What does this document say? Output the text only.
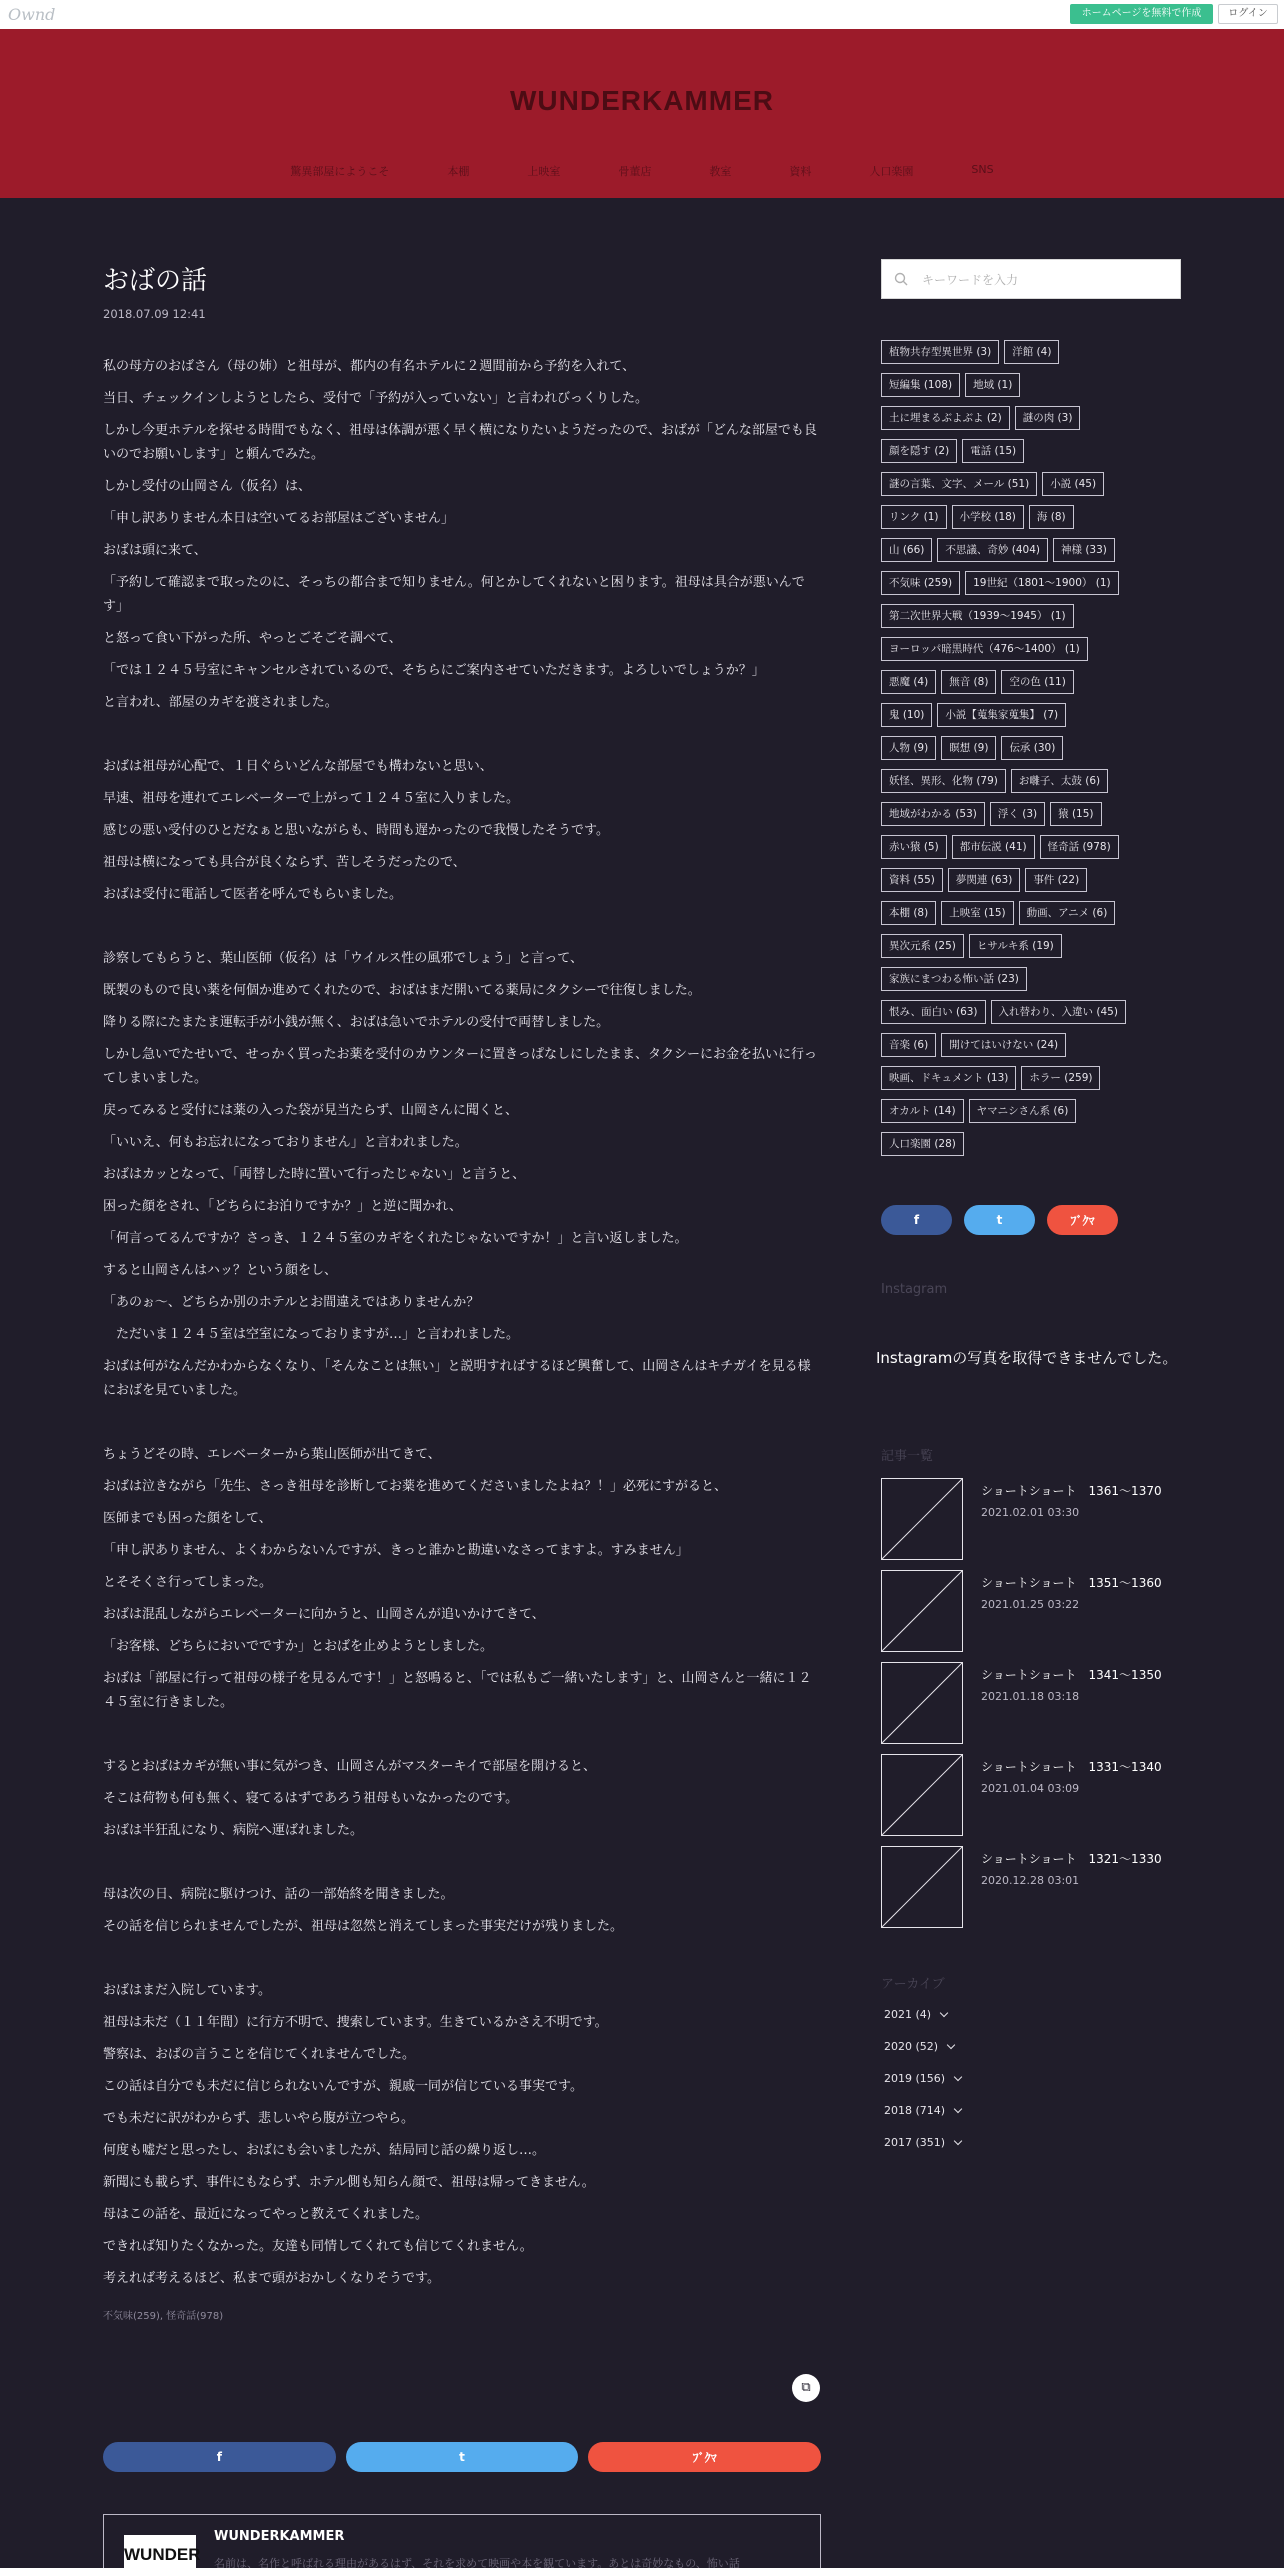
Ownd	ホームページを無料で作成	ログイン
WUNDERKAMMER
驚異部屋にようこそ	本棚	上映室	骨董店	教室	資料	人口楽園	SNS
おばの話
2018.07.09 12:41

私の母方のおばさん（母の姉）と祖母が、都内の有名ホテルに２週間前から予約を入れて、

当日、チェックインしようとしたら、受付で「予約が入っていない」と言われびっくりした。

しかし今更ホテルを探せる時間でもなく、祖母は体調が悪く早く横になりたいようだったので、おばが「どんな部屋でも良いのでお願いします」と頼んでみた。

しかし受付の山岡さん（仮名）は、

「申し訳ありません本日は空いてるお部屋はございません」

おばは頭に来て、

「予約して確認まで取ったのに、そっちの都合まで知りません。何とかしてくれないと困ります。祖母は具合が悪いんです」

と怒って食い下がった所、やっとごそごそ調べて、

「では１２４５号室にキャンセルされているので、そちらにご案内させていただきます。よろしいでしょうか？」

と言われ、部屋のカギを渡されました。

おばは祖母が心配で、１日ぐらいどんな部屋でも構わないと思い、

早速、祖母を連れてエレベーターで上がって１２４５室に入りました。

感じの悪い受付のひとだなぁと思いながらも、時間も遅かったので我慢したそうです。

祖母は横になっても具合が良くならず、苦しそうだったので、

おばは受付に電話して医者を呼んでもらいました。

診察してもらうと、葉山医師（仮名）は「ウイルス性の風邪でしょう」と言って、

既製のもので良い薬を何個か進めてくれたので、おばはまだ開いてる薬局にタクシーで往復しました。

降りる際にたまたま運転手が小銭が無く、おばは急いでホテルの受付で両替しました。

しかし急いでたせいで、せっかく買ったお薬を受付のカウンターに置きっぱなしにしたまま、タクシーにお金を払いに行ってしまいました。

戻ってみると受付には薬の入った袋が見当たらず、山岡さんに聞くと、

「いいえ、何もお忘れになっておりません」と言われました。

おばはカッとなって、「両替した時に置いて行ったじゃない」と言うと、

困った顔をされ、「どちらにお泊りですか？」と逆に聞かれ、

「何言ってるんですか？さっき、１２４５室のカギをくれたじゃないですか！」と言い返しました。

すると山岡さんはハッ？という顔をし、

「あのぉ～、どちらか別のホテルとお間違えではありませんか？

　ただいま１２４５室は空室になっておりますが…」と言われました。

おばは何がなんだかわからなくなり、「そんなことは無い」と説明すればするほど興奮して、山岡さんはキチガイを見る様におばを見ていました。

ちょうどその時、エレベーターから葉山医師が出てきて、

おばは泣きながら「先生、さっき祖母を診断してお薬を進めてくださいましたよね？！」必死にすがると、

医師までも困った顔をして、

「申し訳ありません、よくわからないんですが、きっと誰かと勘違いなさってますよ。すみません」

とそそくさ行ってしまった。

おばは混乱しながらエレベーターに向かうと、山岡さんが追いかけてきて、

「お客様、どちらにおいでですか」とおばを止めようとしました。

おばは「部屋に行って祖母の様子を見るんです！」と怒鳴ると、「では私もご一緒いたします」と、山岡さんと一緒に１２４５室に行きました。

するとおばはカギが無い事に気がつき、山岡さんがマスターキイで部屋を開けると、

そこは荷物も何も無く、寝てるはずであろう祖母もいなかったのです。

おばは半狂乱になり、病院へ運ばれました。

母は次の日、病院に駆けつけ、話の一部始終を聞きました。

その話を信じられませんでしたが、祖母は忽然と消えてしまった事実だけが残りました。

おばはまだ入院しています。

祖母は未だ（１１年間）に行方不明で、捜索しています。生きているかさえ不明です。

警察は、おばの言うことを信じてくれませんでした。

この話は自分でも未だに信じられないんですが、親戚一同が信じている事実です。

でも未だに訳がわからず、悲しいやら腹が立つやら。

何度も嘘だと思ったし、おばにも会いましたが、結局同じ話の繰り返し…。

新聞にも載らず、事件にもならず、ホテル側も知らん顔で、祖母は帰ってきません。

母はこの話を、最近になってやっと教えてくれました。

できれば知りたくなかった。友達も同情してくれても信じてくれません。

考えれば考えるほど、私まで頭がおかしくなりそうです。

不気味(259), 怪奇話(978)
⧉
f	t	ﾌﾞｸﾏ
WUNDER
WUNDERKAMMER
名前は、名作と呼ばれる理由があるはず、それを求めて映画や本を観ています。あとは奇妙なもの、怖い話
キーワードを入力
植物共存型異世界 (3)	洋館 (4)
短編集 (108)	地域 (1)
土に埋まるぶよぶよ (2)	謎の肉 (3)
顔を隠す (2)	電話 (15)
謎の言葉、文字、メール (51)	小説 (45)
リンク (1)	小学校 (18)	海 (8)
山 (66)	不思議、奇妙 (404)	神様 (33)
不気味 (259)	19世紀（1801～1900） (1)
第二次世界大戦（1939～1945） (1)
ヨーロッパ暗黒時代（476～1400） (1)
悪魔 (4)	無音 (8)	空の色 (11)
鬼 (10)	小説【蒐集家蒐集】 (7)
人物 (9)	瞑想 (9)	伝承 (30)
妖怪、異形、化物 (79)	お囃子、太鼓 (6)
地域がわかる (53)	浮く (3)	猿 (15)
赤い猿 (5)	都市伝説 (41)	怪奇話 (978)
資料 (55)	夢関連 (63)	事件 (22)
本棚 (8)	上映室 (15)	動画、アニメ (6)
異次元系 (25)	ヒサルキ系 (19)
家族にまつわる怖い話 (23)
恨み、面白い (63)	入れ替わり、入違い (45)
音楽 (6)	開けてはいけない (24)
映画、ドキュメント (13)	ホラー (259)
オカルト (14)	ヤマニシさん系 (6)
人口楽園 (28)
f	t	ﾌﾞｸﾏ
Instagram
Instagramの写真を取得できませんでした。
記事一覧
ショートショート　1361～1370
2021.02.01 03:30
ショートショート　1351～1360
2021.01.25 03:22
ショートショート　1341～1350
2021.01.18 03:18
ショートショート　1331～1340
2021.01.04 03:09
ショートショート　1321～1330
2020.12.28 03:01
アーカイブ
2021 (4)
2020 (52)
2019 (156)
2018 (714)
2017 (351)
